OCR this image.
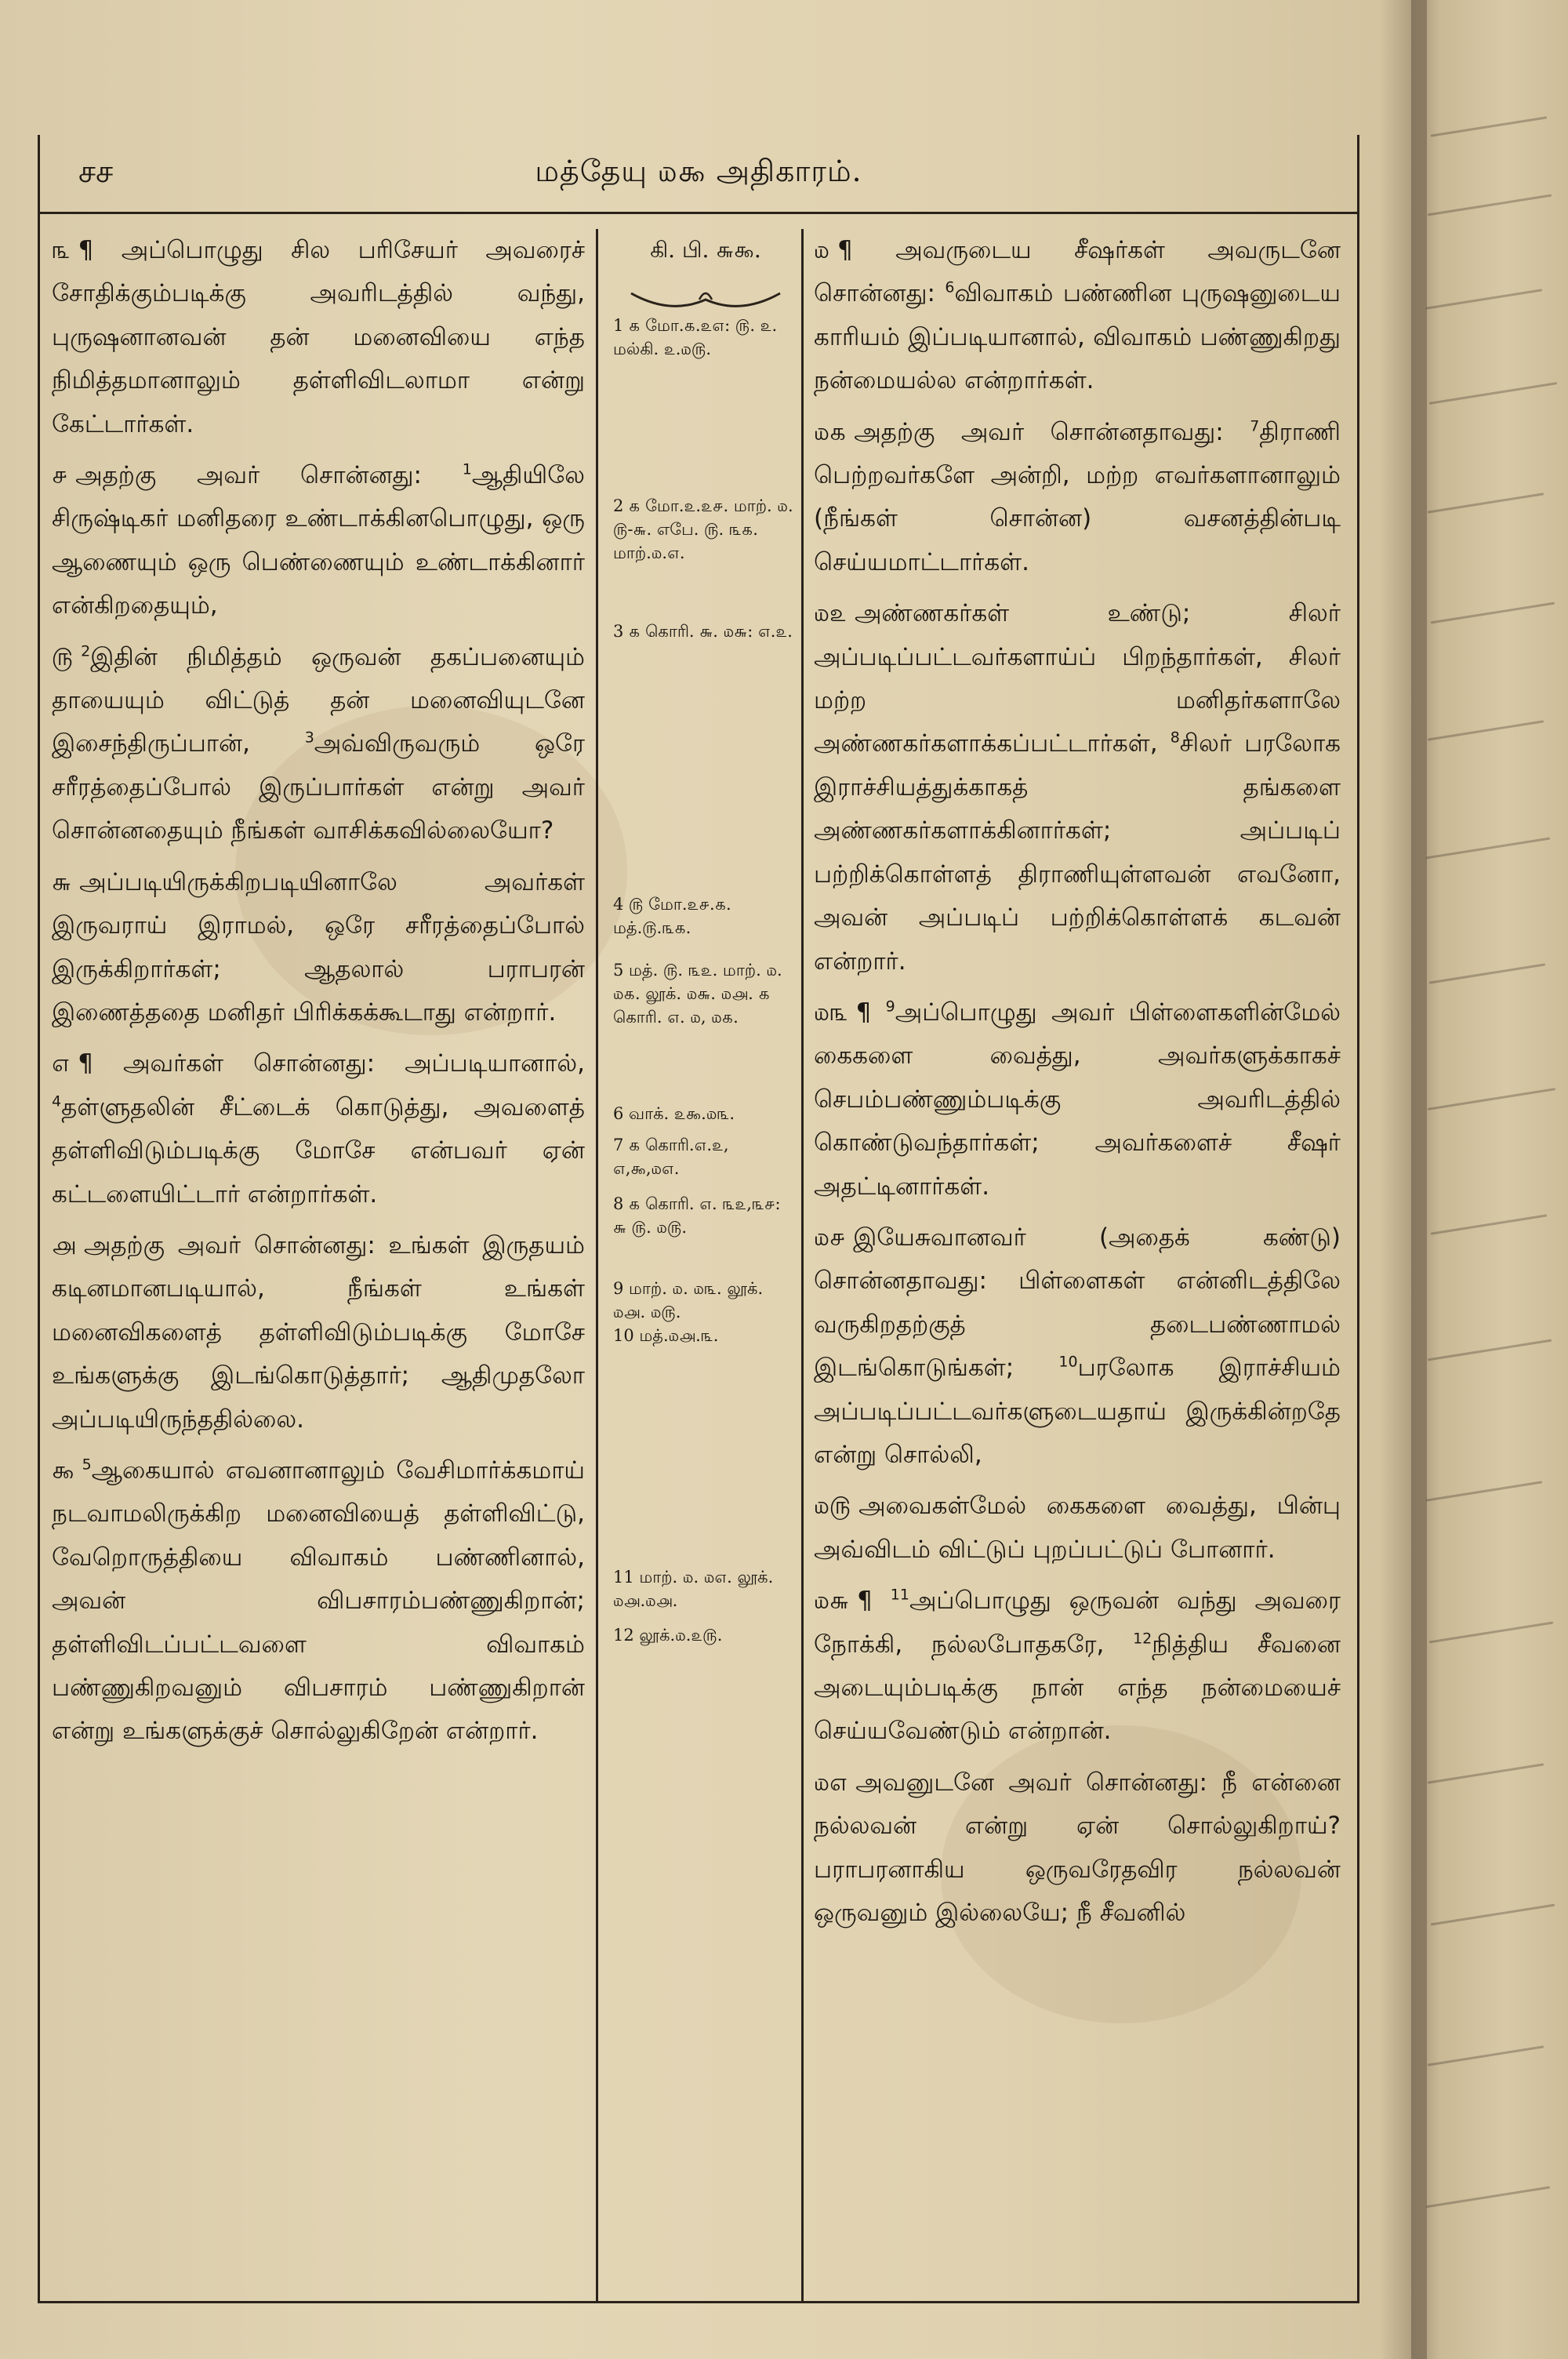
சச	மத்தேயு ௰௯ அதிகாரம்.

௩ ¶ அப்பொழுது சில பரிசேயர் அவரைச் சோதிக்கும்படிக்கு அவரிடத்தில் வந்து, புருஷனானவன் தன் மனைவியை எந்த நிமித்தமானாலும் தள்ளிவிடலாமா என்று கேட்டார்கள்.

௪ அதற்கு அவர் சொன்னது: $^1$ஆதியிலே சிருஷ்டிகர் மனிதரை உண்டாக்கினபொழுது, ஒரு ஆணையும் ஒரு பெண்ணையும் உண்டாக்கினார் என்கிறதையும்,

௫ $^2$இதின் நிமித்தம் ஒருவன் தகப்பனையும் தாயையும் விட்டுத் தன் மனைவியுடனே இசைந்திருப்பான், $^3$அவ்விருவரும் ஒரே சரீரத்தைப்போல் இருப்பார்கள் என்று அவர் சொன்னதையும் நீங்கள் வாசிக்கவில்லையோ?

௬ அப்படியிருக்கிறபடியினாலே அவர்கள் இருவராய் இராமல், ஒரே சரீரத்தைப்போல் இருக்கிறார்கள்; ஆதலால் பராபரன் இணைத்ததை மனிதர் பிரிக்கக்கூடாது என்றார்.

௭ ¶ அவர்கள் சொன்னது: அப்படியானால், $^4$தள்ளுதலின் சீட்டைக் கொடுத்து, அவளைத் தள்ளிவிடும்படிக்கு மோசே என்பவர் ஏன் கட்டளையிட்டார் என்றார்கள்.

௮ அதற்கு அவர் சொன்னது: உங்கள் இருதயம் கடினமானபடியால், நீங்கள் உங்கள் மனைவிகளைத் தள்ளிவிடும்படிக்கு மோசே உங்களுக்கு இடங்கொடுத்தார்; ஆதிமுதலோ அப்படியிருந்ததில்லை.

௯ $^5$ஆகையால் எவனானாலும் வேசிமார்க்கமாய் நடவாமலிருக்கிற மனைவியைத் தள்ளிவிட்டு, வேறொருத்தியை விவாகம் பண்ணினால், அவன் விபசாரம்பண்ணுகிறான்; தள்ளிவிடப்பட்டவளை விவாகம் பண்ணுகிறவனும் விபசாரம் பண்ணுகிறான் என்று உங்களுக்குச் சொல்லுகிறேன் என்றார்.

கி. பி. ௬௯.
1 ௧ மோ.௧.௨௭: ௫. ௨. மல்கி. ௨.௰௫.
2 ௧ மோ.௨.௨௪. மாற். ௰. ௫-௬. எபே. ௫. ௩௧. மாற்.௰.௭.
3 ௧ கொரி. ௬. ௰௬: ௭.௨.
4 ௫ மோ.௨௪.௧. மத்.௫.௩௧.
5 மத். ௫. ௩௨. மாற். ௰. ௰௧. லூக். ௰௬. ௰௮. ௧ கொரி. ௭. ௰, ௰௧.
6 வாக். ௨௯.௰௩.
7 ௧ கொரி.௭.௨, ௭,௯,௰௭.
8 ௧ கொரி. ௭. ௩௨,௩௪: ௬ ௫. ௰௫.
9 மாற். ௰. ௰௩. லூக். ௰௮. ௰௫.
10 மத்.௰௮.௩.
11 மாற். ௰. ௰௭. லூக். ௰௮.௰௮.
12 லூக்.௰.௨௫.

௰ ¶ அவருடைய சீஷர்கள் அவருடனே சொன்னது: $^6$விவாகம் பண்ணின புருஷனுடைய காரியம் இப்படியானால், விவாகம் பண்ணுகிறது நன்மையல்ல என்றார்கள்.

௰௧ அதற்கு அவர் சொன்னதாவது: $^7$திராணி பெற்றவர்களே அன்றி, மற்ற எவர்களானாலும் (நீங்கள் சொன்ன) வசனத்தின்படி செய்யமாட்டார்கள்.

௰௨ அண்ணகர்கள் உண்டு; சிலர் அப்படிப்பட்டவர்களாய்ப் பிறந்தார்கள், சிலர் மற்ற மனிதர்களாலே அண்ணகர்களாக்கப்பட்டார்கள், $^8$சிலர் பரலோக இராச்சியத்துக்காகத் தங்களை அண்ணகர்களாக்கினார்கள்; அப்படிப் பற்றிக்கொள்ளத் திராணியுள்ளவன் எவனோ, அவன் அப்படிப் பற்றிக்கொள்ளக் கடவன் என்றார்.

௰௩ ¶ $^9$அப்பொழுது அவர் பிள்ளைகளின்மேல் கைகளை வைத்து, அவர்களுக்காகச் செபம்பண்ணும்படிக்கு அவரிடத்தில் கொண்டுவந்தார்கள்; அவர்களைச் சீஷர் அதட்டினார்கள்.

௰௪ இயேசுவானவர் (அதைக் கண்டு) சொன்னதாவது: பிள்ளைகள் என்னிடத்திலே வருகிறதற்குத் தடைபண்ணாமல் இடங்கொடுங்கள்; $^{10}$பரலோக இராச்சியம் அப்படிப்பட்டவர்களுடையதாய் இருக்கின்றதே என்று சொல்லி,

௰௫ அவைகள்மேல் கைகளை வைத்து, பின்பு அவ்விடம் விட்டுப் புறப்பட்டுப் போனார்.

௰௬ ¶ $^{11}$அப்பொழுது ஒருவன் வந்து அவரை நோக்கி, நல்லபோதகரே, $^{12}$நித்திய சீவனை அடையும்படிக்கு நான் எந்த நன்மையைச் செய்யவேண்டும் என்றான்.

௰௭ அவனுடனே அவர் சொன்னது: நீ என்னை நல்லவன் என்று ஏன் சொல்லுகிறாய்? பராபரனாகிய ஒருவரேதவிர நல்லவன் ஒருவனும் இல்லையே; நீ சீவனில்
